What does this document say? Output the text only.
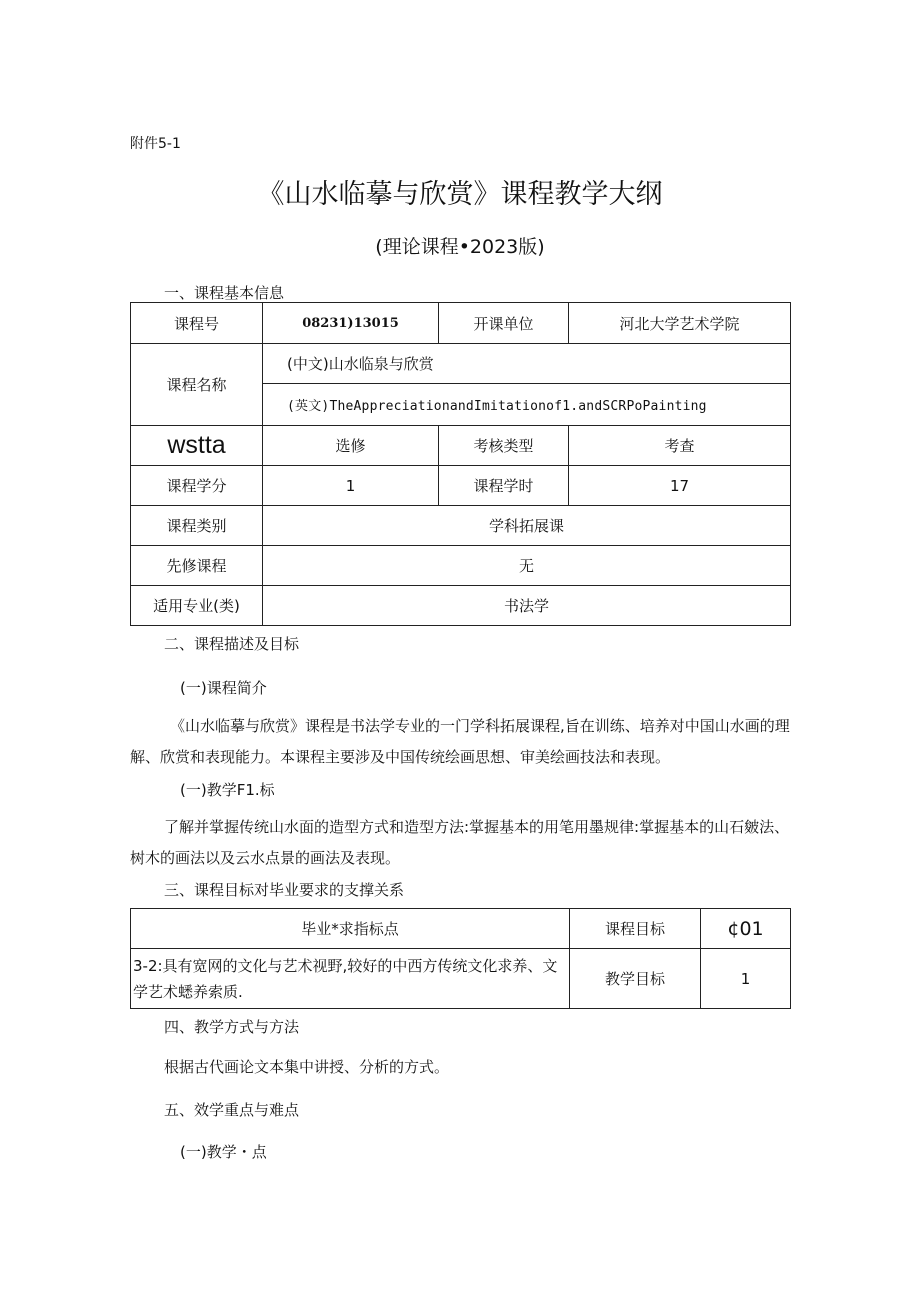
附件5-1
《山水临摹与欣赏》课程教学大纲
(理论课程•2023版)
一、课程基本信息
课程号	08231)13015	开课单位	河北大学艺术学院
课程名称	(中文)山水临泉与欣赏		
	(英文)TheAppreciationandImitationof1.andSCRPoPainting		
wstta	选修	考核类型	考查
课程学分	1	课程学时	17
课程类别	学科拓展课		
先修课程	无		
适用专业(类)	书法学		
二、课程描述及目标
(一)课程简介
《山水临摹与欣赏》课程是书法学专业的一门学科拓展课程,旨在训练、培养对中国山水画的理解、欣赏和表现能力。本课程主要涉及中国传统绘画思想、审美绘画技法和表现。
(一)教学F1.标
了解并掌握传统山水面的造型方式和造型方法:掌握基本的用笔用墨规律:掌握基本的山石皴法、树木的画法以及云水点景的画法及表现。
三、课程目标对毕业要求的支撑关系
毕业*求指标点	课程目标	¢01
3-2:具有宽网的文化与艺术视野,较好的中西方传统文化求养、文学艺术蟋养索质.	教学目标	1
四、教学方式与方法
根据古代画论文本集中讲授、分析的方式。
五、效学重点与难点
(一)教学・点
